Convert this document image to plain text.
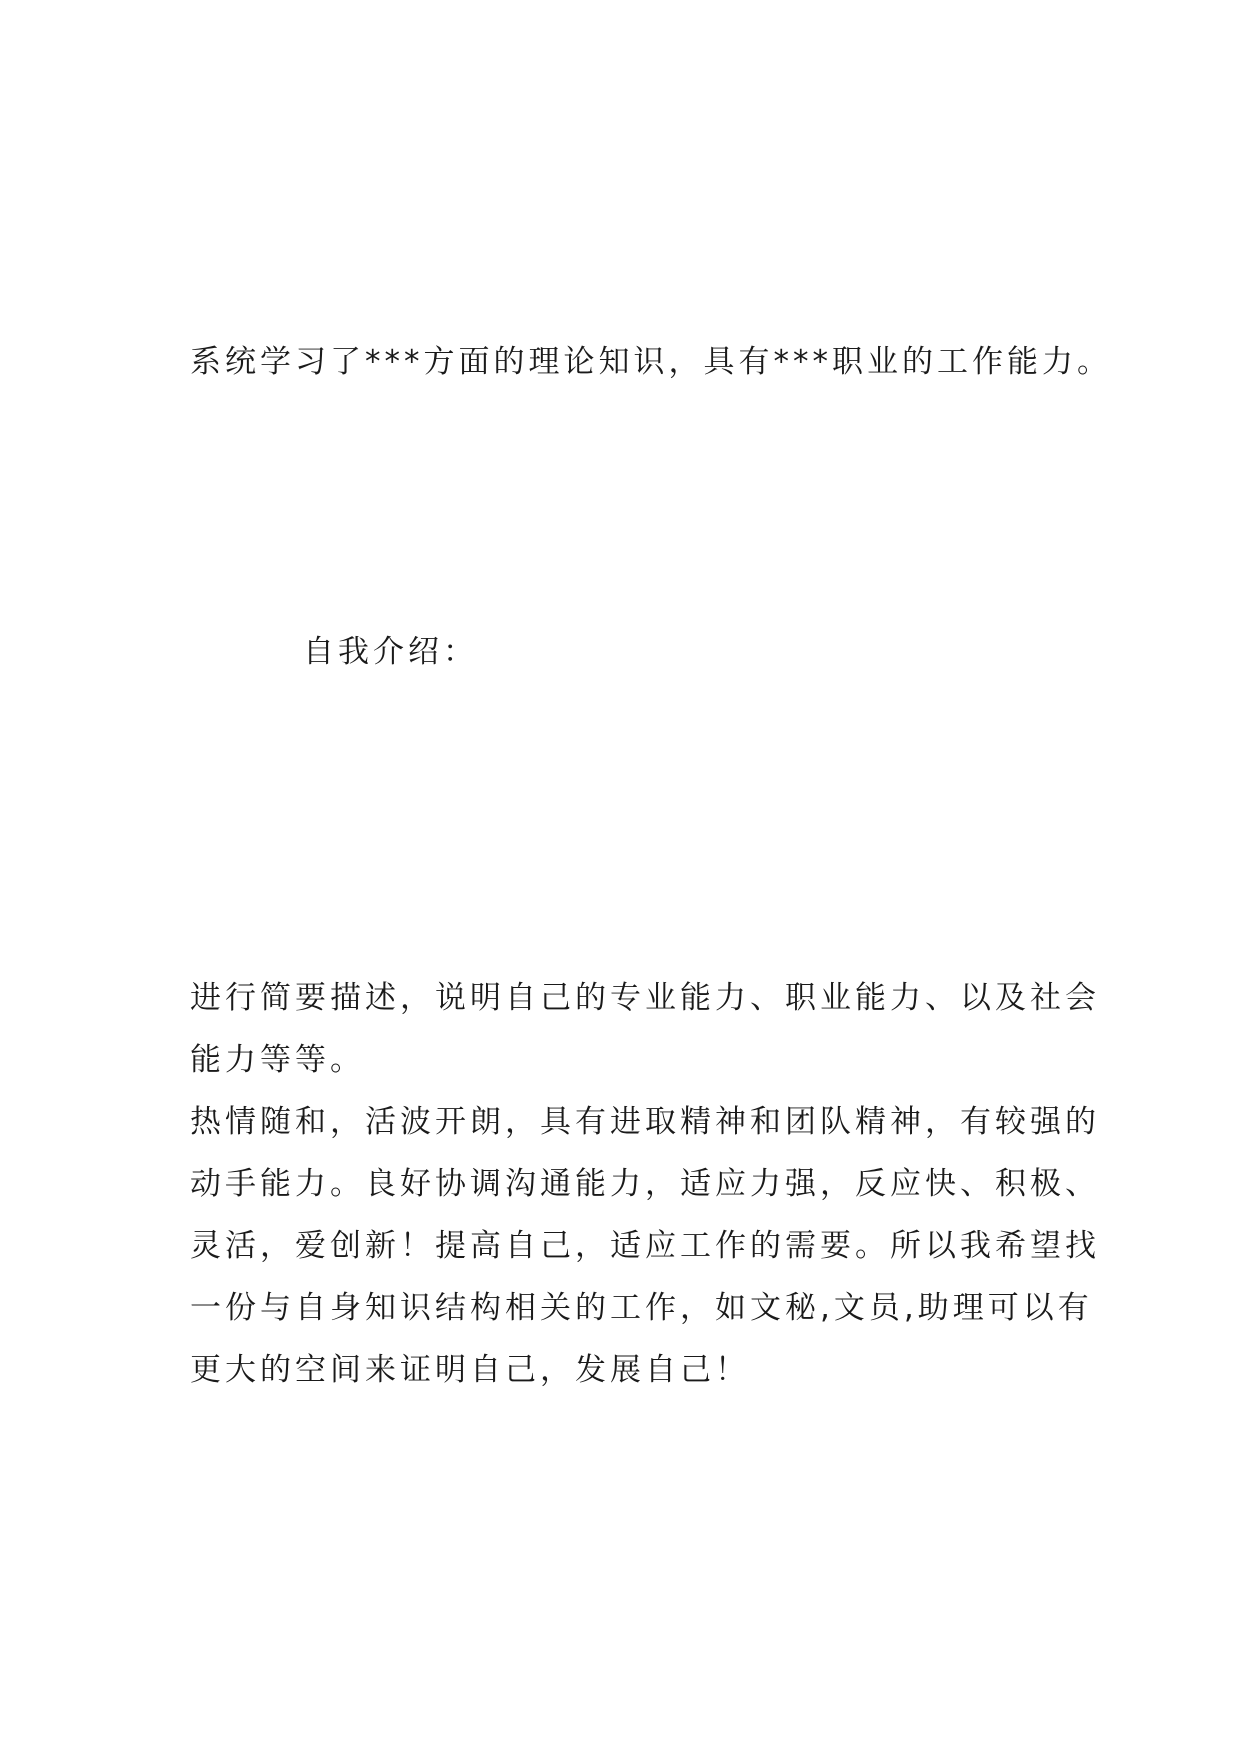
系统学习了***方面的理论知识，具有***职业的工作能力。
自我介绍：
进行简要描述，说明自己的专业能力、职业能力、以及社会
能力等等。
热情随和，活波开朗，具有进取精神和团队精神，有较强的
动手能力。良好协调沟通能力，适应力强，反应快、积极、
灵活，爱创新！提高自己，适应工作的需要。所以我希望找
一份与自身知识结构相关的工作，如文秘,文员,助理可以有
更大的空间来证明自己，发展自己！
